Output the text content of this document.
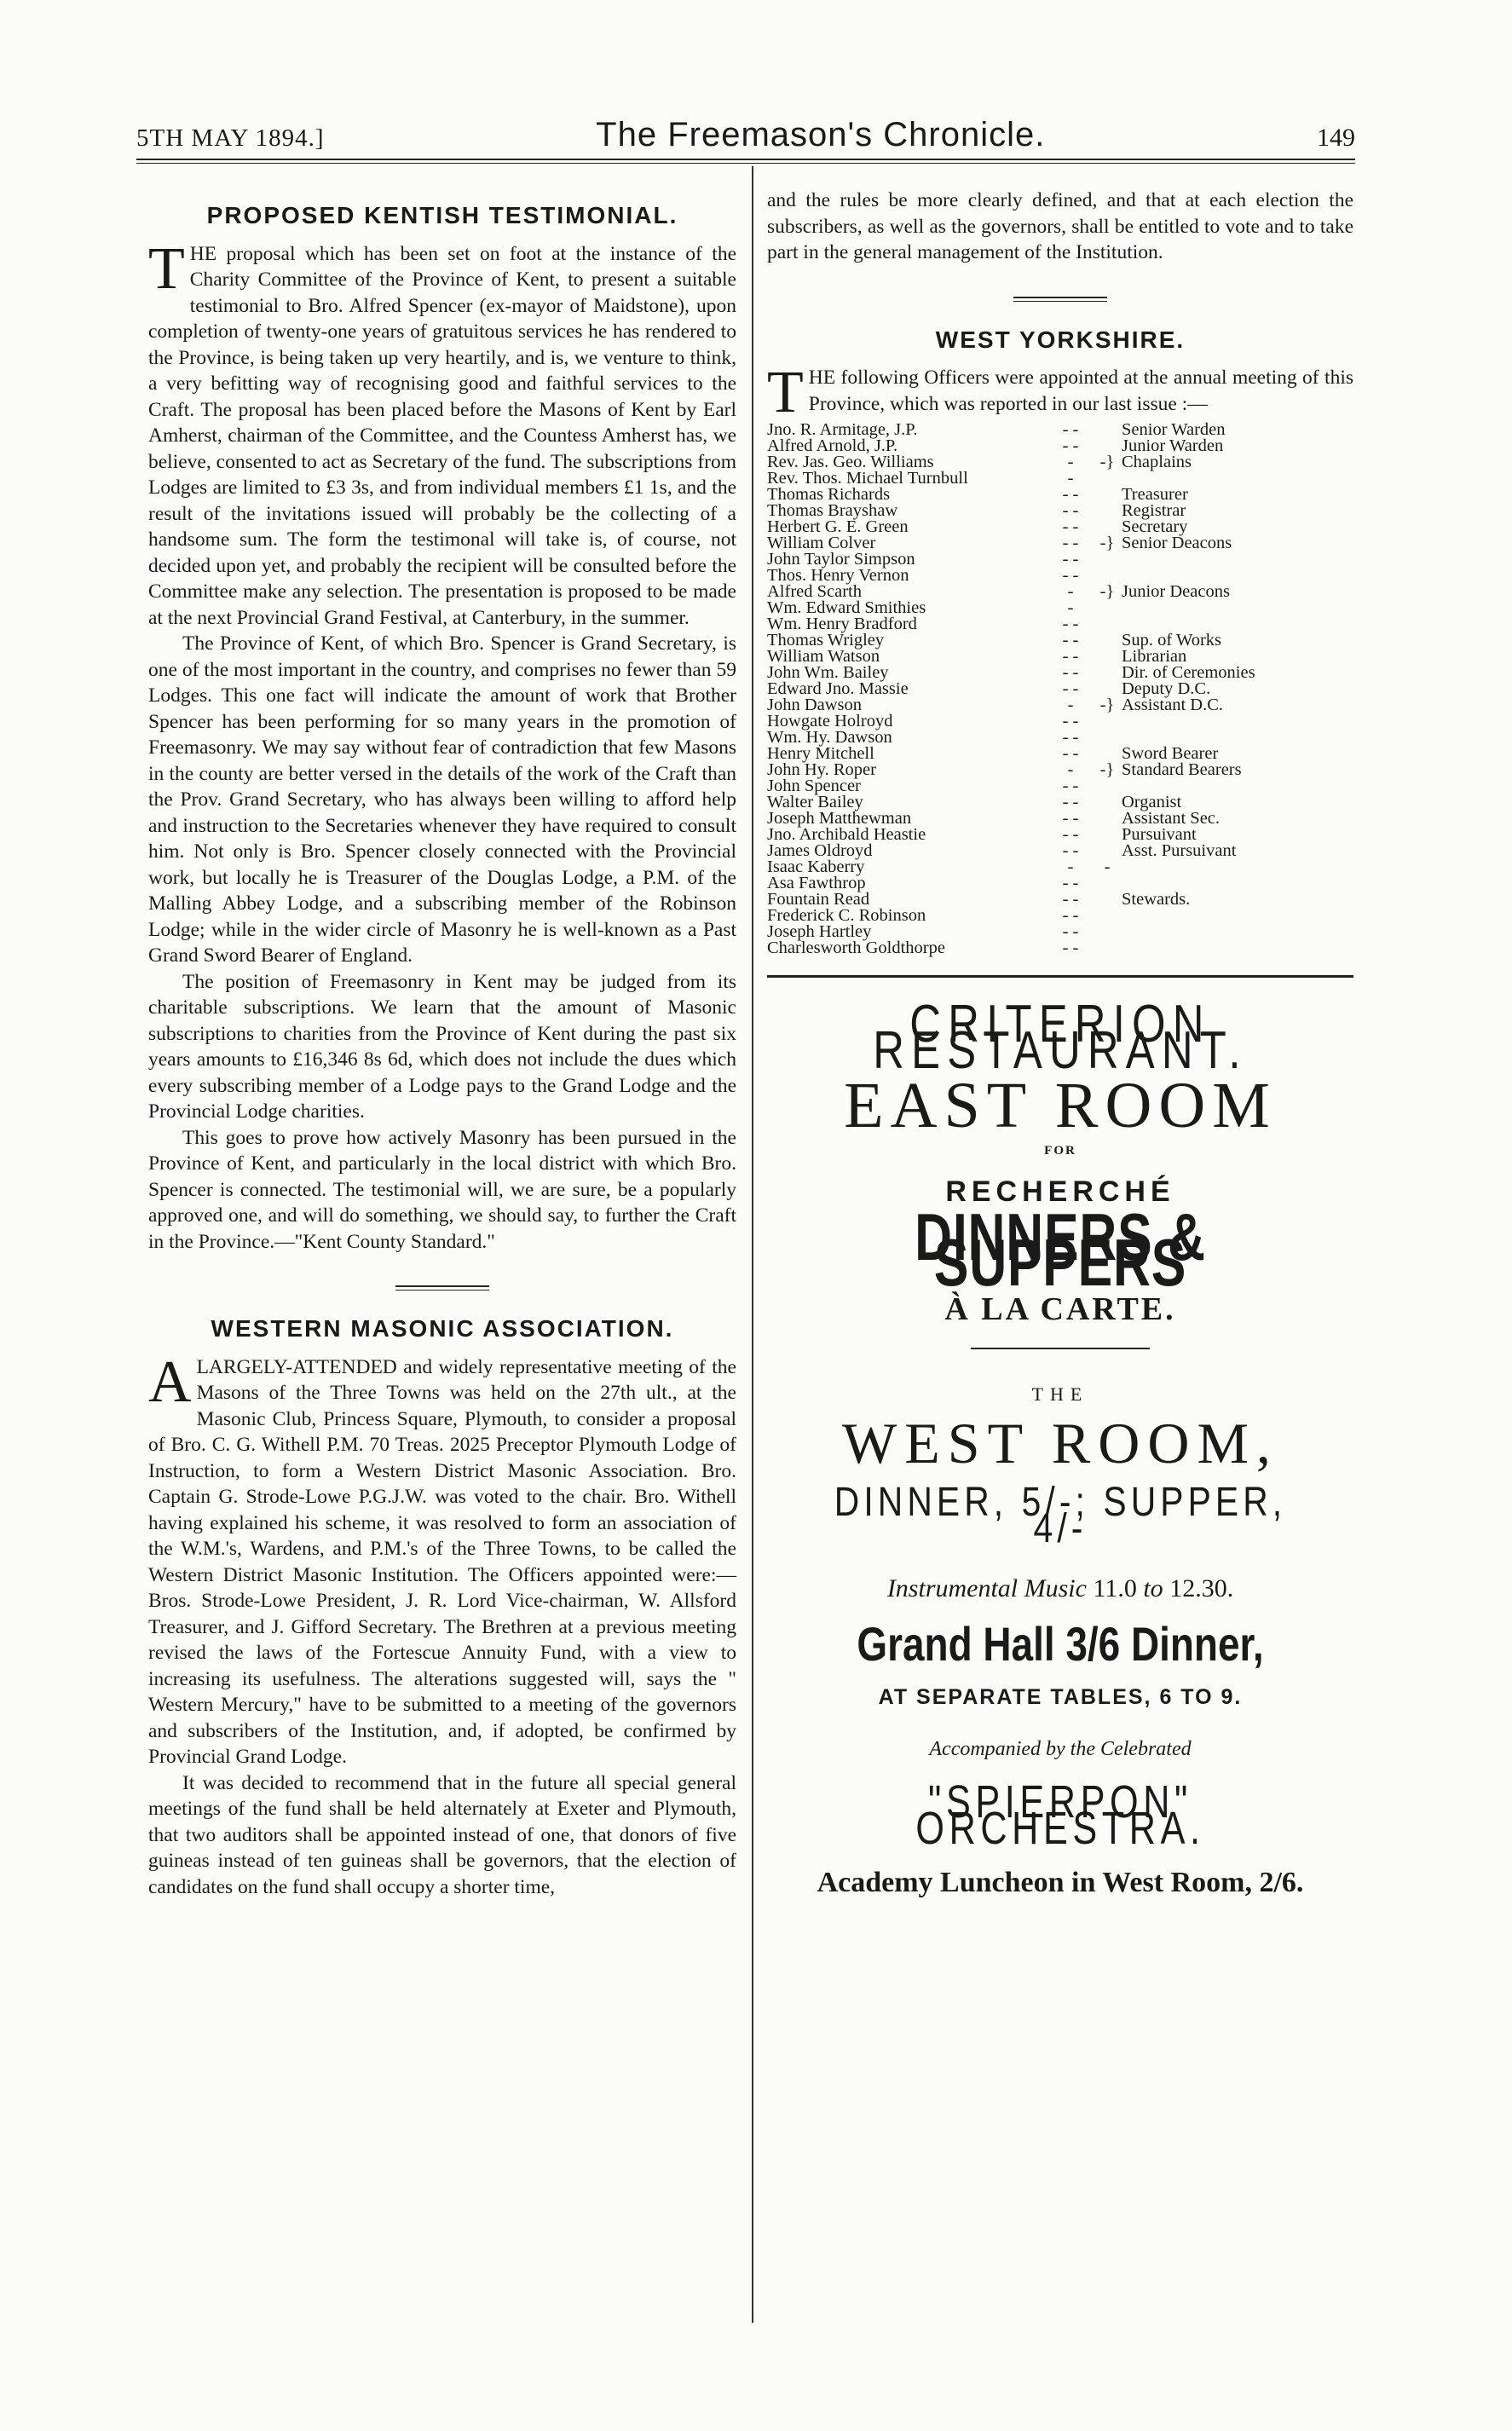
5TH MAY 1894.]	The Freemason's Chronicle.	149
PROPOSED KENTISH TESTIMONIAL.

THE proposal which has been set on foot at the instance of the Charity Committee of the Province of Kent, to present a suitable testimonial to Bro. Alfred Spencer (ex-mayor of Maidstone), upon completion of twenty-one years of gratuitous services he has rendered to the Province, is being taken up very heartily, and is, we venture to think, a very befitting way of recognising good and faithful services to the Craft. The proposal has been placed before the Masons of Kent by Earl Amherst, chairman of the Committee, and the Countess Amherst has, we believe, consented to act as Secretary of the fund. The subscriptions from Lodges are limited to £3 3s, and from individual members £1 1s, and the result of the invitations issued will probably be the collecting of a handsome sum. The form the testimonal will take is, of course, not decided upon yet, and probably the recipient will be consulted before the Committee make any selection. The presentation is proposed to be made at the next Provincial Grand Festival, at Canterbury, in the summer.

The Province of Kent, of which Bro. Spencer is Grand Secretary, is one of the most important in the country, and comprises no fewer than 59 Lodges. This one fact will indicate the amount of work that Brother Spencer has been performing for so many years in the promotion of Freemasonry. We may say without fear of contradiction that few Masons in the county are better versed in the details of the work of the Craft than the Prov. Grand Secretary, who has always been willing to afford help and instruction to the Secretaries whenever they have required to consult him. Not only is Bro. Spencer closely connected with the Provincial work, but locally he is Treasurer of the Douglas Lodge, a P.M. of the Malling Abbey Lodge, and a subscribing member of the Robinson Lodge; while in the wider circle of Masonry he is well-known as a Past Grand Sword Bearer of England.

The position of Freemasonry in Kent may be judged from its charitable subscriptions. We learn that the amount of Masonic subscriptions to charities from the Province of Kent during the past six years amounts to £16,346 8s 6d, which does not include the dues which every subscribing member of a Lodge pays to the Grand Lodge and the Provincial Lodge charities.

This goes to prove how actively Masonry has been pursued in the Province of Kent, and particularly in the local district with which Bro. Spencer is connected. The testimonial will, we are sure, be a popularly approved one, and will do something, we should say, to further the Craft in the Province.—"Kent County Standard."

WESTERN MASONIC ASSOCIATION.

ALARGELY-ATTENDED and widely representative meeting of the Masons of the Three Towns was held on the 27th ult., at the Masonic Club, Princess Square, Plymouth, to consider a proposal of Bro. C. G. Withell P.M. 70 Treas. 2025 Preceptor Plymouth Lodge of Instruction, to form a Western District Masonic Association. Bro. Captain G. Strode-Lowe P.G.J.W. was voted to the chair. Bro. Withell having explained his scheme, it was resolved to form an association of the W.M.'s, Wardens, and P.M.'s of the Three Towns, to be called the Western District Masonic Institution. The Officers appointed were:—Bros. Strode-Lowe President, J. R. Lord Vice-chairman, W. Allsford Treasurer, and J. Gifford Secretary. The Brethren at a previous meeting revised the laws of the Fortescue Annuity Fund, with a view to increasing its usefulness. The alterations suggested will, says the " Western Mercury," have to be submitted to a meeting of the governors and subscribers of the Institution, and, if adopted, be confirmed by Provincial Grand Lodge.

It was decided to recommend that in the future all special general meetings of the fund shall be held alternately at Exeter and Plymouth, that two auditors shall be appointed instead of one, that donors of five guineas instead of ten guineas shall be governors, that the election of candidates on the fund shall occupy a shorter time,

and the rules be more clearly defined, and that at each election the subscribers, as well as the governors, shall be entitled to vote and to take part in the general management of the Institution.

WEST YORKSHIRE.

THE following Officers were appointed at the annual meeting of this Province, which was reported in our last issue :—

Jno. R. Armitage, J.P.	- -		Senior Warden
Alfred Arnold, J.P.	- -		Junior Warden
Rev. Jas. Geo. Williams	-	-}	Chaplains
Rev. Thos. Michael Turnbull	-		
Thomas Richards	- -		Treasurer
Thomas Brayshaw	- -		Registrar
Herbert G. E. Green	- -		Secretary
William Colver	- -	-}	Senior Deacons
John Taylor Simpson	- -		
Thos. Henry Vernon	- -		
Alfred Scarth	-	-}	Junior Deacons
Wm. Edward Smithies	-		
Wm. Henry Bradford	- -		
Thomas Wrigley	- -		Sup. of Works
William Watson	- -		Librarian
John Wm. Bailey	- -		Dir. of Ceremonies
Edward Jno. Massie	- -		Deputy D.C.
John Dawson	-	-}	Assistant D.C.
Howgate Holroyd	- -		
Wm. Hy. Dawson	- -		
Henry Mitchell	- -		Sword Bearer
John Hy. Roper	-	-}	Standard Bearers
John Spencer	- -		
Walter Bailey	- -		Organist
Joseph Matthewman	- -		Assistant Sec.
Jno. Archibald Heastie	- -		Pursuivant
James Oldroyd	- -		Asst. Pursuivant
Isaac Kaberry	-	-	
Asa Fawthrop	- -		
Fountain Read	- -		Stewards.
Frederick C. Robinson	- -		
Joseph Hartley	- -		
Charlesworth Goldthorpe	- -		
CRITERION RESTAURANT.
EAST ROOM
FOR
RECHERCHÉ
DINNERS & SUPPERS
À LA CARTE.
THE
WEST ROOM,
DINNER, 5/-; SUPPER, 4/-
Instrumental Music 11.0 to 12.30.
Grand Hall 3/6 Dinner,
AT SEPARATE TABLES, 6 TO 9.
Accompanied by the Celebrated
"SPIERPON" ORCHESTRA.
Academy Luncheon in West Room, 2/6.
